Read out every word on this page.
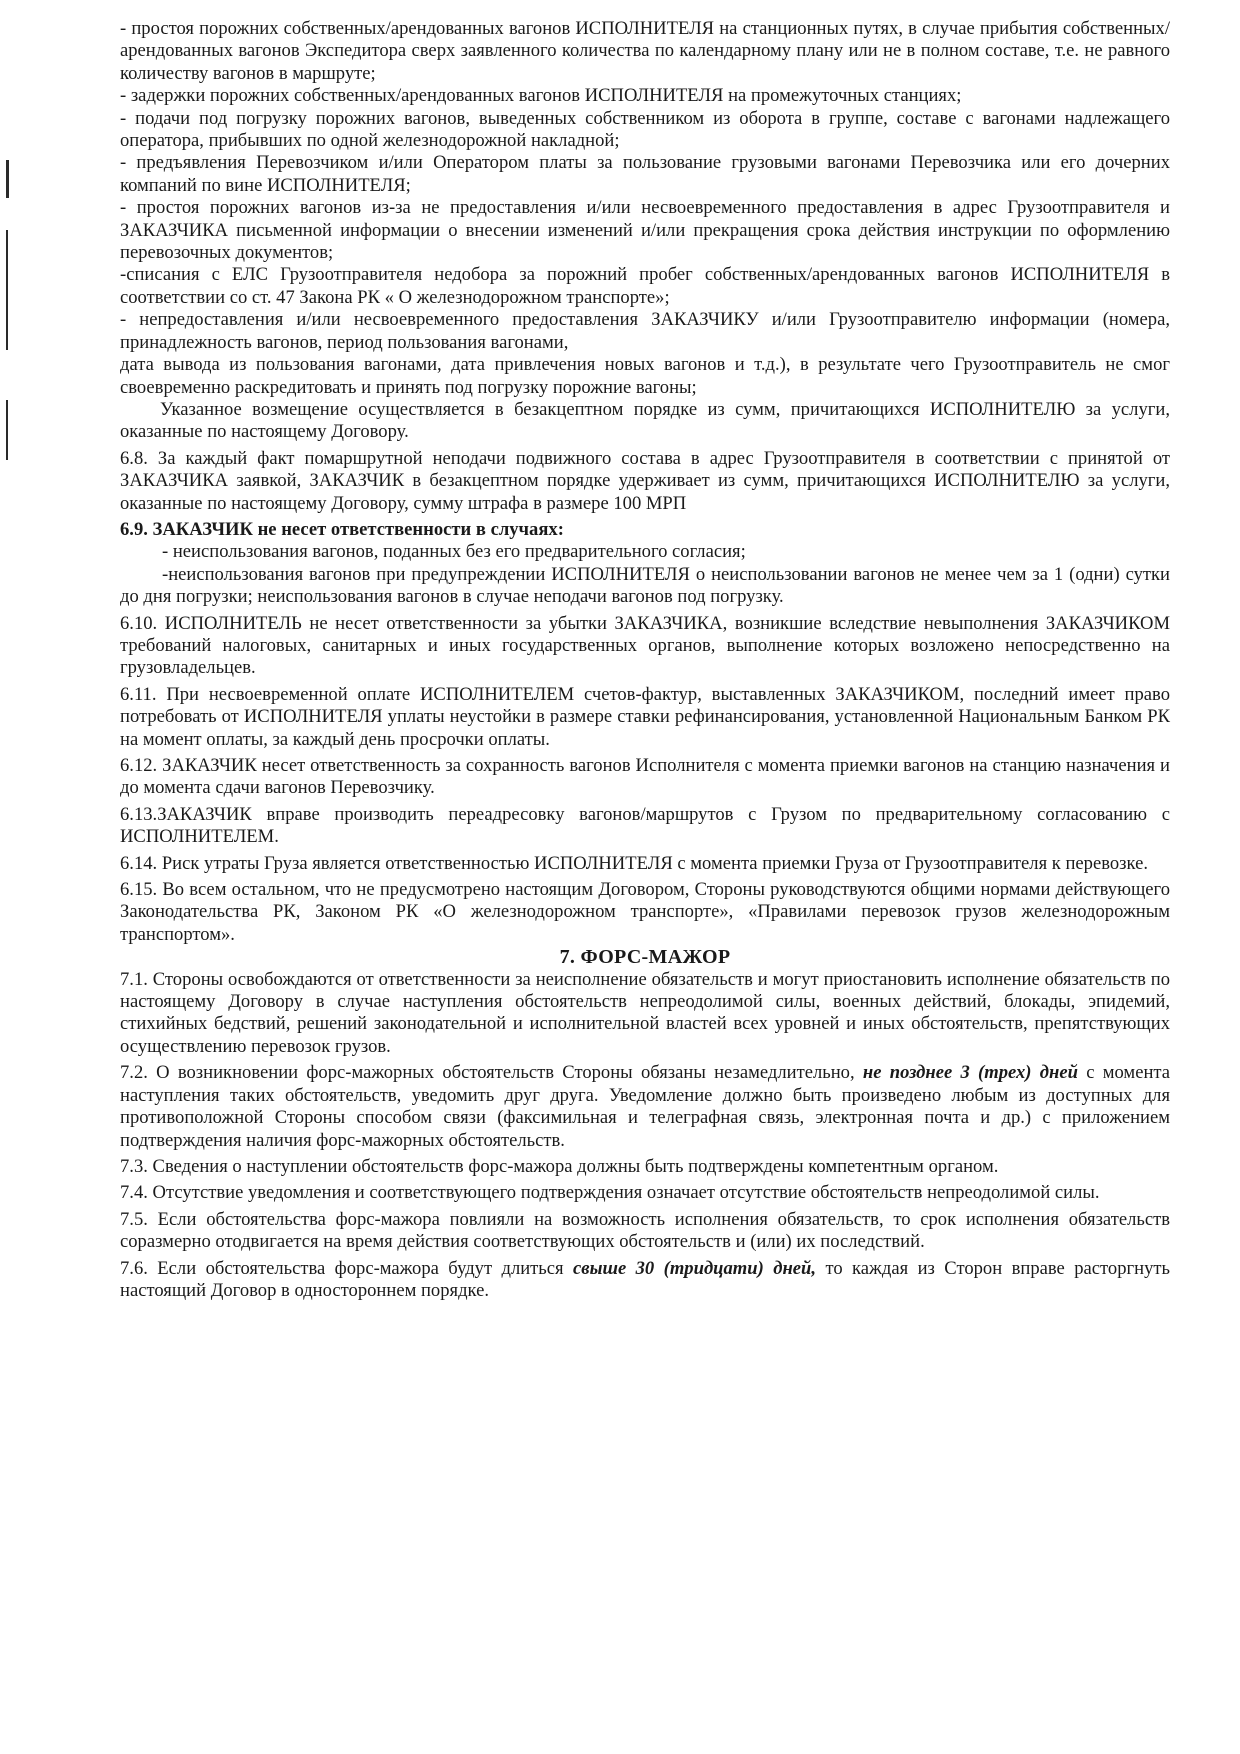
- простоя порожних собственных/арендованных вагонов ИСПОЛНИТЕЛЯ на станционных путях, в случае прибытия собственных/арендованных вагонов Экспедитора сверх заявленного количества по календарному плану или не в полном составе, т.е. не равного количеству вагонов в маршруте;

- задержки порожних собственных/арендованных вагонов ИСПОЛНИТЕЛЯ на промежуточных станциях;

- подачи под погрузку порожних вагонов, выведенных собственником из оборота в группе, составе с вагонами надлежащего оператора, прибывших по одной железнодорожной накладной;

- предъявления Перевозчиком и/или Оператором платы за пользование грузовыми вагонами Перевозчика или его дочерних компаний по вине ИСПОЛНИТЕЛЯ;

- простоя порожних вагонов из-за не предоставления и/или несвоевременного предоставления в адрес Грузоотправителя и ЗАКАЗЧИКА письменной информации о внесении изменений и/или прекращения срока действия инструкции по оформлению перевозочных документов;

-списания с ЕЛС Грузоотправителя недобора за порожний пробег собственных/арендованных вагонов ИСПОЛНИТЕЛЯ в соответствии со ст. 47 Закона РК « О железнодорожном транспорте»;

- непредоставления и/или несвоевременного предоставления ЗАКАЗЧИКУ и/или Грузоотправителю информации (номера, принадлежность вагонов, период пользования вагонами,

дата вывода из пользования вагонами, дата привлечения новых вагонов и т.д.), в результате чего Грузоотправитель не смог своевременно раскредитовать и принять под погрузку порожние вагоны;

Указанное возмещение осуществляется в безакцептном порядке из сумм, причитающихся ИСПОЛНИТЕЛЮ за услуги, оказанные по настоящему Договору.

6.8. За каждый факт помаршрутной неподачи подвижного состава в адрес Грузоотправителя в соответствии с принятой от ЗАКАЗЧИКА заявкой, ЗАКАЗЧИК в безакцептном порядке удерживает из сумм, причитающихся ИСПОЛНИТЕЛЮ за услуги, оказанные по настоящему Договору, сумму штрафа в размере 100 МРП

6.9. ЗАКАЗЧИК не несет ответственности в случаях:

- неиспользования вагонов, поданных без его предварительного согласия;

-неиспользования вагонов при предупреждении ИСПОЛНИТЕЛЯ о неиспользовании вагонов не менее чем за 1 (одни) сутки до дня погрузки; неиспользования вагонов в случае неподачи вагонов под погрузку.

6.10. ИСПОЛНИТЕЛЬ не несет ответственности за убытки ЗАКАЗЧИКА, возникшие вследствие невыполнения ЗАКАЗЧИКОМ требований налоговых, санитарных и иных государственных органов, выполнение которых возложено непосредственно на грузовладельцев.

6.11. При несвоевременной оплате ИСПОЛНИТЕЛЕМ счетов-фактур, выставленных ЗАКАЗЧИКОМ, последний имеет право потребовать от ИСПОЛНИТЕЛЯ уплаты неустойки в размере ставки рефинансирования, установленной Национальным Банком РК на момент оплаты, за каждый день просрочки оплаты.

6.12. ЗАКАЗЧИК несет ответственность за сохранность вагонов Исполнителя с момента приемки вагонов на станцию назначения и до момента сдачи вагонов Перевозчику.

6.13.ЗАКАЗЧИК вправе производить переадресовку вагонов/маршрутов с Грузом по предварительному согласованию с ИСПОЛНИТЕЛЕМ.

6.14. Риск утраты Груза является ответственностью ИСПОЛНИТЕЛЯ с момента приемки Груза от Грузоотправителя к перевозке.

6.15. Во всем остальном, что не предусмотрено настоящим Договором, Стороны руководствуются общими нормами действующего Законодательства РК, Законом РК «О железнодорожном транспорте», «Правилами перевозок грузов железнодорожным транспортом».

7. ФОРС-МАЖОР

7.1. Стороны освобождаются от ответственности за неисполнение обязательств и могут приостановить исполнение обязательств по настоящему Договору в случае наступления обстоятельств непреодолимой силы, военных действий, блокады, эпидемий, стихийных бедствий, решений законодательной и исполнительной властей всех уровней и иных обстоятельств, препятствующих осуществлению перевозок грузов.

7.2. О возникновении форс-мажорных обстоятельств Стороны обязаны незамедлительно, не позднее 3 (трех) дней с момента наступления таких обстоятельств, уведомить друг друга. Уведомление должно быть произведено любым из доступных для противоположной Стороны способом связи (факсимильная и телеграфная связь, электронная почта и др.) с приложением подтверждения наличия форс-мажорных обстоятельств.

7.3. Сведения о наступлении обстоятельств форс-мажора должны быть подтверждены компетентным органом.

7.4. Отсутствие уведомления и соответствующего подтверждения означает отсутствие обстоятельств непреодолимой силы.

7.5. Если обстоятельства форс-мажора повлияли на возможность исполнения обязательств, то срок исполнения обязательств соразмерно отодвигается на время действия соответствующих обстоятельств и (или) их последствий.

7.6. Если обстоятельства форс-мажора будут длиться свыше 30 (тридцати) дней, то каждая из Сторон вправе расторгнуть настоящий Договор в одностороннем порядке.
